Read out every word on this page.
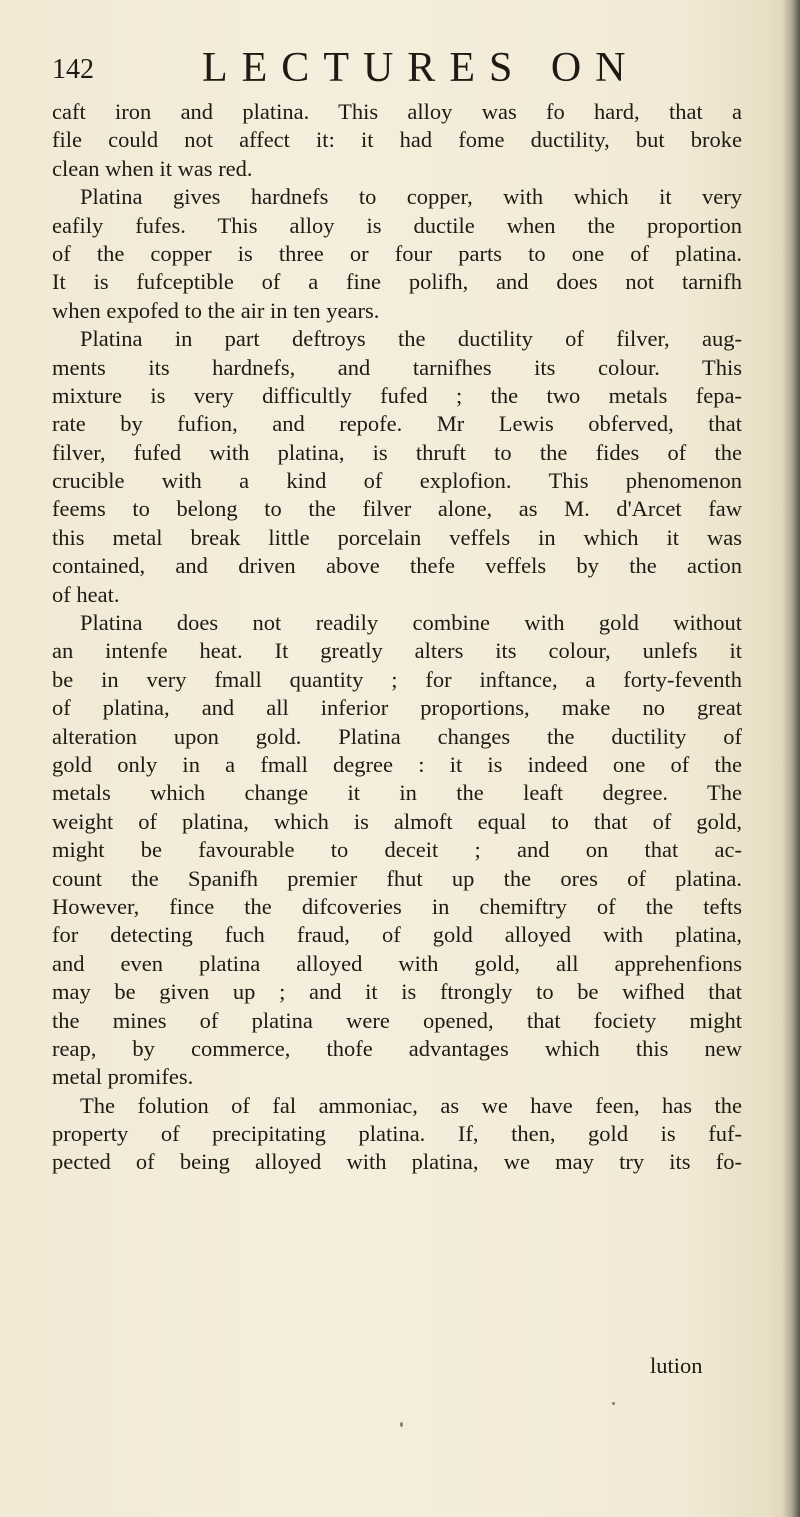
142	LECTURES ON
caft iron and platina. This alloy was fo hard, that a
file could not affect it: it had fome ductility, but broke
clean when it was red.
Platina gives hardnefs to copper, with which it very
eafily fufes. This alloy is ductile when the proportion
of the copper is three or four parts to one of platina.
It is fufceptible of a fine polifh, and does not tarnifh
when expofed to the air in ten years.
Platina in part deftroys the ductility of filver, aug-
ments its hardnefs, and tarnifhes its colour. This
mixture is very difficultly fufed ; the two metals fepa-
rate by fufion, and repofe. Mr Lewis obferved, that
filver, fufed with platina, is thruft to the fides of the
crucible with a kind of explofion. This phenomenon
feems to belong to the filver alone, as M. d'Arcet faw
this metal break little porcelain veffels in which it was
contained, and driven above thefe veffels by the action
of heat.
Platina does not readily combine with gold without
an intenfe heat. It greatly alters its colour, unlefs it
be in very fmall quantity ; for inftance, a forty-feventh
of platina, and all inferior proportions, make no great
alteration upon gold. Platina changes the ductility of
gold only in a fmall degree : it is indeed one of the
metals which change it in the leaft degree. The
weight of platina, which is almoft equal to that of gold,
might be favourable to deceit ; and on that ac-
count the Spanifh premier fhut up the ores of platina.
However, fince the difcoveries in chemiftry of the tefts
for detecting fuch fraud, of gold alloyed with platina,
and even platina alloyed with gold, all apprehenfions
may be given up ; and it is ftrongly to be wifhed that
the mines of platina were opened, that fociety might
reap, by commerce, thofe advantages which this new
metal promifes.
The folution of fal ammoniac, as we have feen, has the
property of precipitating platina. If, then, gold is fuf-
pected of being alloyed with platina, we may try its fo-
lution
